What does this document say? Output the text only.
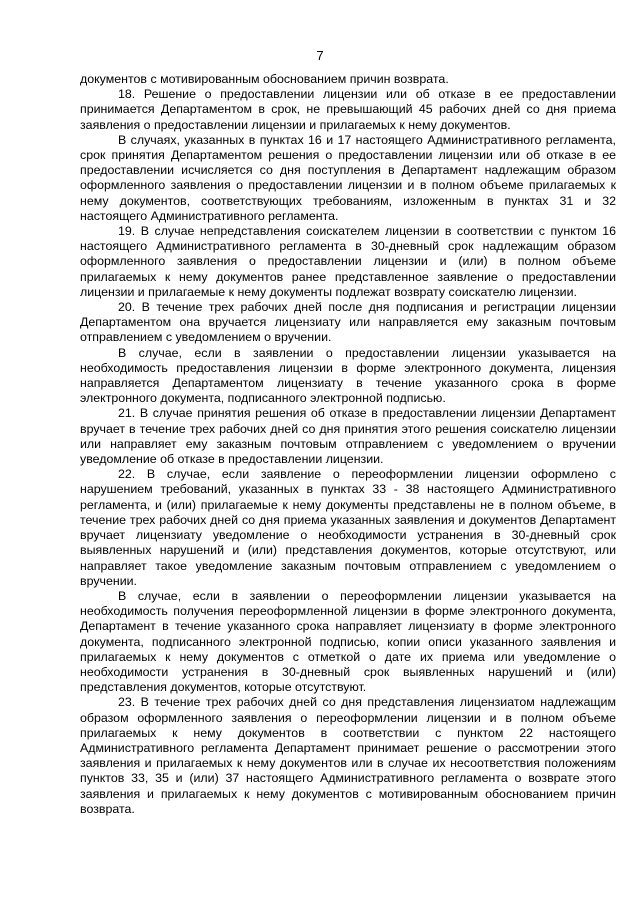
7

документов с мотивированным обоснованием причин возврата.

18. Решение о предоставлении лицензии или об отказе в ее предоставлении принимается Департаментом в срок, не превышающий 45 рабочих дней со дня приема заявления о предоставлении лицензии и прилагаемых к нему документов.

В случаях, указанных в пунктах 16 и 17 настоящего Административного регламента, срок принятия Департаментом решения о предоставлении лицензии или об отказе в ее предоставлении исчисляется со дня поступления в Департамент надлежащим образом оформленного заявления о предоставлении лицензии и в полном объеме прилагаемых к нему документов, соответствующих требованиям, изложенным в пунктах 31 и 32 настоящего Административного регламента.

19. В случае непредставления соискателем лицензии в соответствии с пунктом 16 настоящего Административного регламента в 30-дневный срок надлежащим образом оформленного заявления о предоставлении лицензии и (или) в полном объеме прилагаемых к нему документов ранее представленное заявление о предоставлении лицензии и прилагаемые к нему документы подлежат возврату соискателю лицензии.

20. В течение трех рабочих дней после дня подписания и регистрации лицензии Департаментом она вручается лицензиату или направляется ему заказным почтовым отправлением с уведомлением о вручении.

В случае, если в заявлении о предоставлении лицензии указывается на необходимость предоставления лицензии в форме электронного документа, лицензия направляется Департаментом лицензиату в течение указанного срока в форме электронного документа, подписанного электронной подписью.

21. В случае принятия решения об отказе в предоставлении лицензии Департамент вручает в течение трех рабочих дней со дня принятия этого решения соискателю лицензии или направляет ему заказным почтовым отправлением с уведомлением о вручении уведомление об отказе в предоставлении лицензии.

22. В случае, если заявление о переоформлении лицензии оформлено с нарушением требований, указанных в пунктах 33 - 38 настоящего Административного регламента, и (или) прилагаемые к нему документы представлены не в полном объеме, в течение трех рабочих дней со дня приема указанных заявления и документов Департамент вручает лицензиату уведомление о необходимости устранения в 30-дневный срок выявленных нарушений и (или) представления документов, которые отсутствуют, или направляет такое уведомление заказным почтовым отправлением с уведомлением о вручении.

В случае, если в заявлении о переоформлении лицензии указывается на необходимость получения переоформленной лицензии в форме электронного документа, Департамент в течение указанного срока направляет лицензиату в форме электронного документа, подписанного электронной подписью, копии описи указанного заявления и прилагаемых к нему документов с отметкой о дате их приема или уведомление о необходимости устранения в 30-дневный срок выявленных нарушений и (или) представления документов, которые отсутствуют.

23. В течение трех рабочих дней со дня представления лицензиатом надлежащим образом оформленного заявления о переоформлении лицензии и в полном объеме прилагаемых к нему документов в соответствии с пунктом 22 настоящего Административного регламента Департамент принимает решение о рассмотрении этого заявления и прилагаемых к нему документов или в случае их несоответствия положениям пунктов 33, 35 и (или) 37 настоящего Административного регламента о возврате этого заявления и прилагаемых к нему документов с мотивированным обоснованием причин возврата.
